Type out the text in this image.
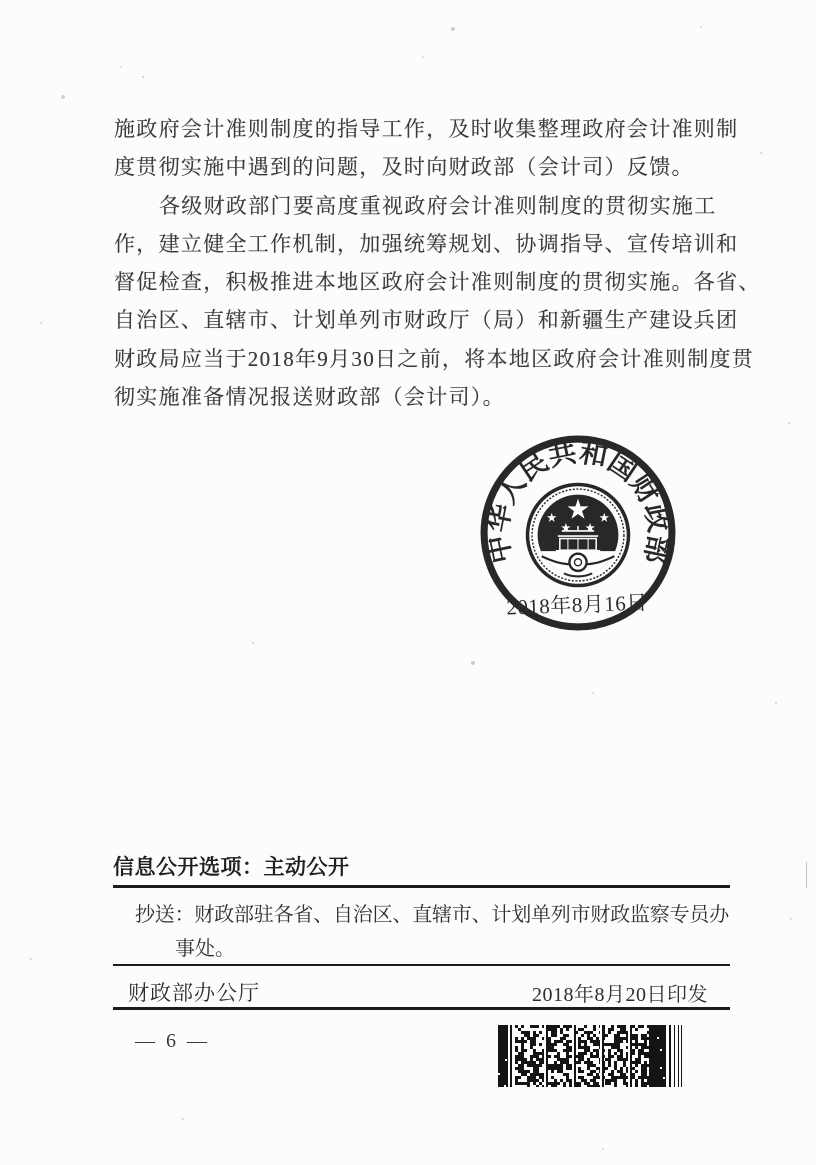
施政府会计准则制度的指导工作，及时收集整理政府会计准则制
度贯彻实施中遇到的问题，及时向财政部（会计司）反馈。
各级财政部门要高度重视政府会计准则制度的贯彻实施工
作，建立健全工作机制，加强统筹规划、协调指导、宣传培训和
督促检查，积极推进本地区政府会计准则制度的贯彻实施。各省、
自治区、直辖市、计划单列市财政厅（局）和新疆生产建设兵团
财政局应当于2018年9月30日之前，将本地区政府会计准则制度贯
彻实施准备情况报送财政部（会计司）。
中华人民共和国财政部
2018年8月16日
信息公开选项：主动公开
抄送：财政部驻各省、自治区、直辖市、计划单列市财政监察专员办
事处。
财政部办公厅	2018年8月20日印发
— 6 —
